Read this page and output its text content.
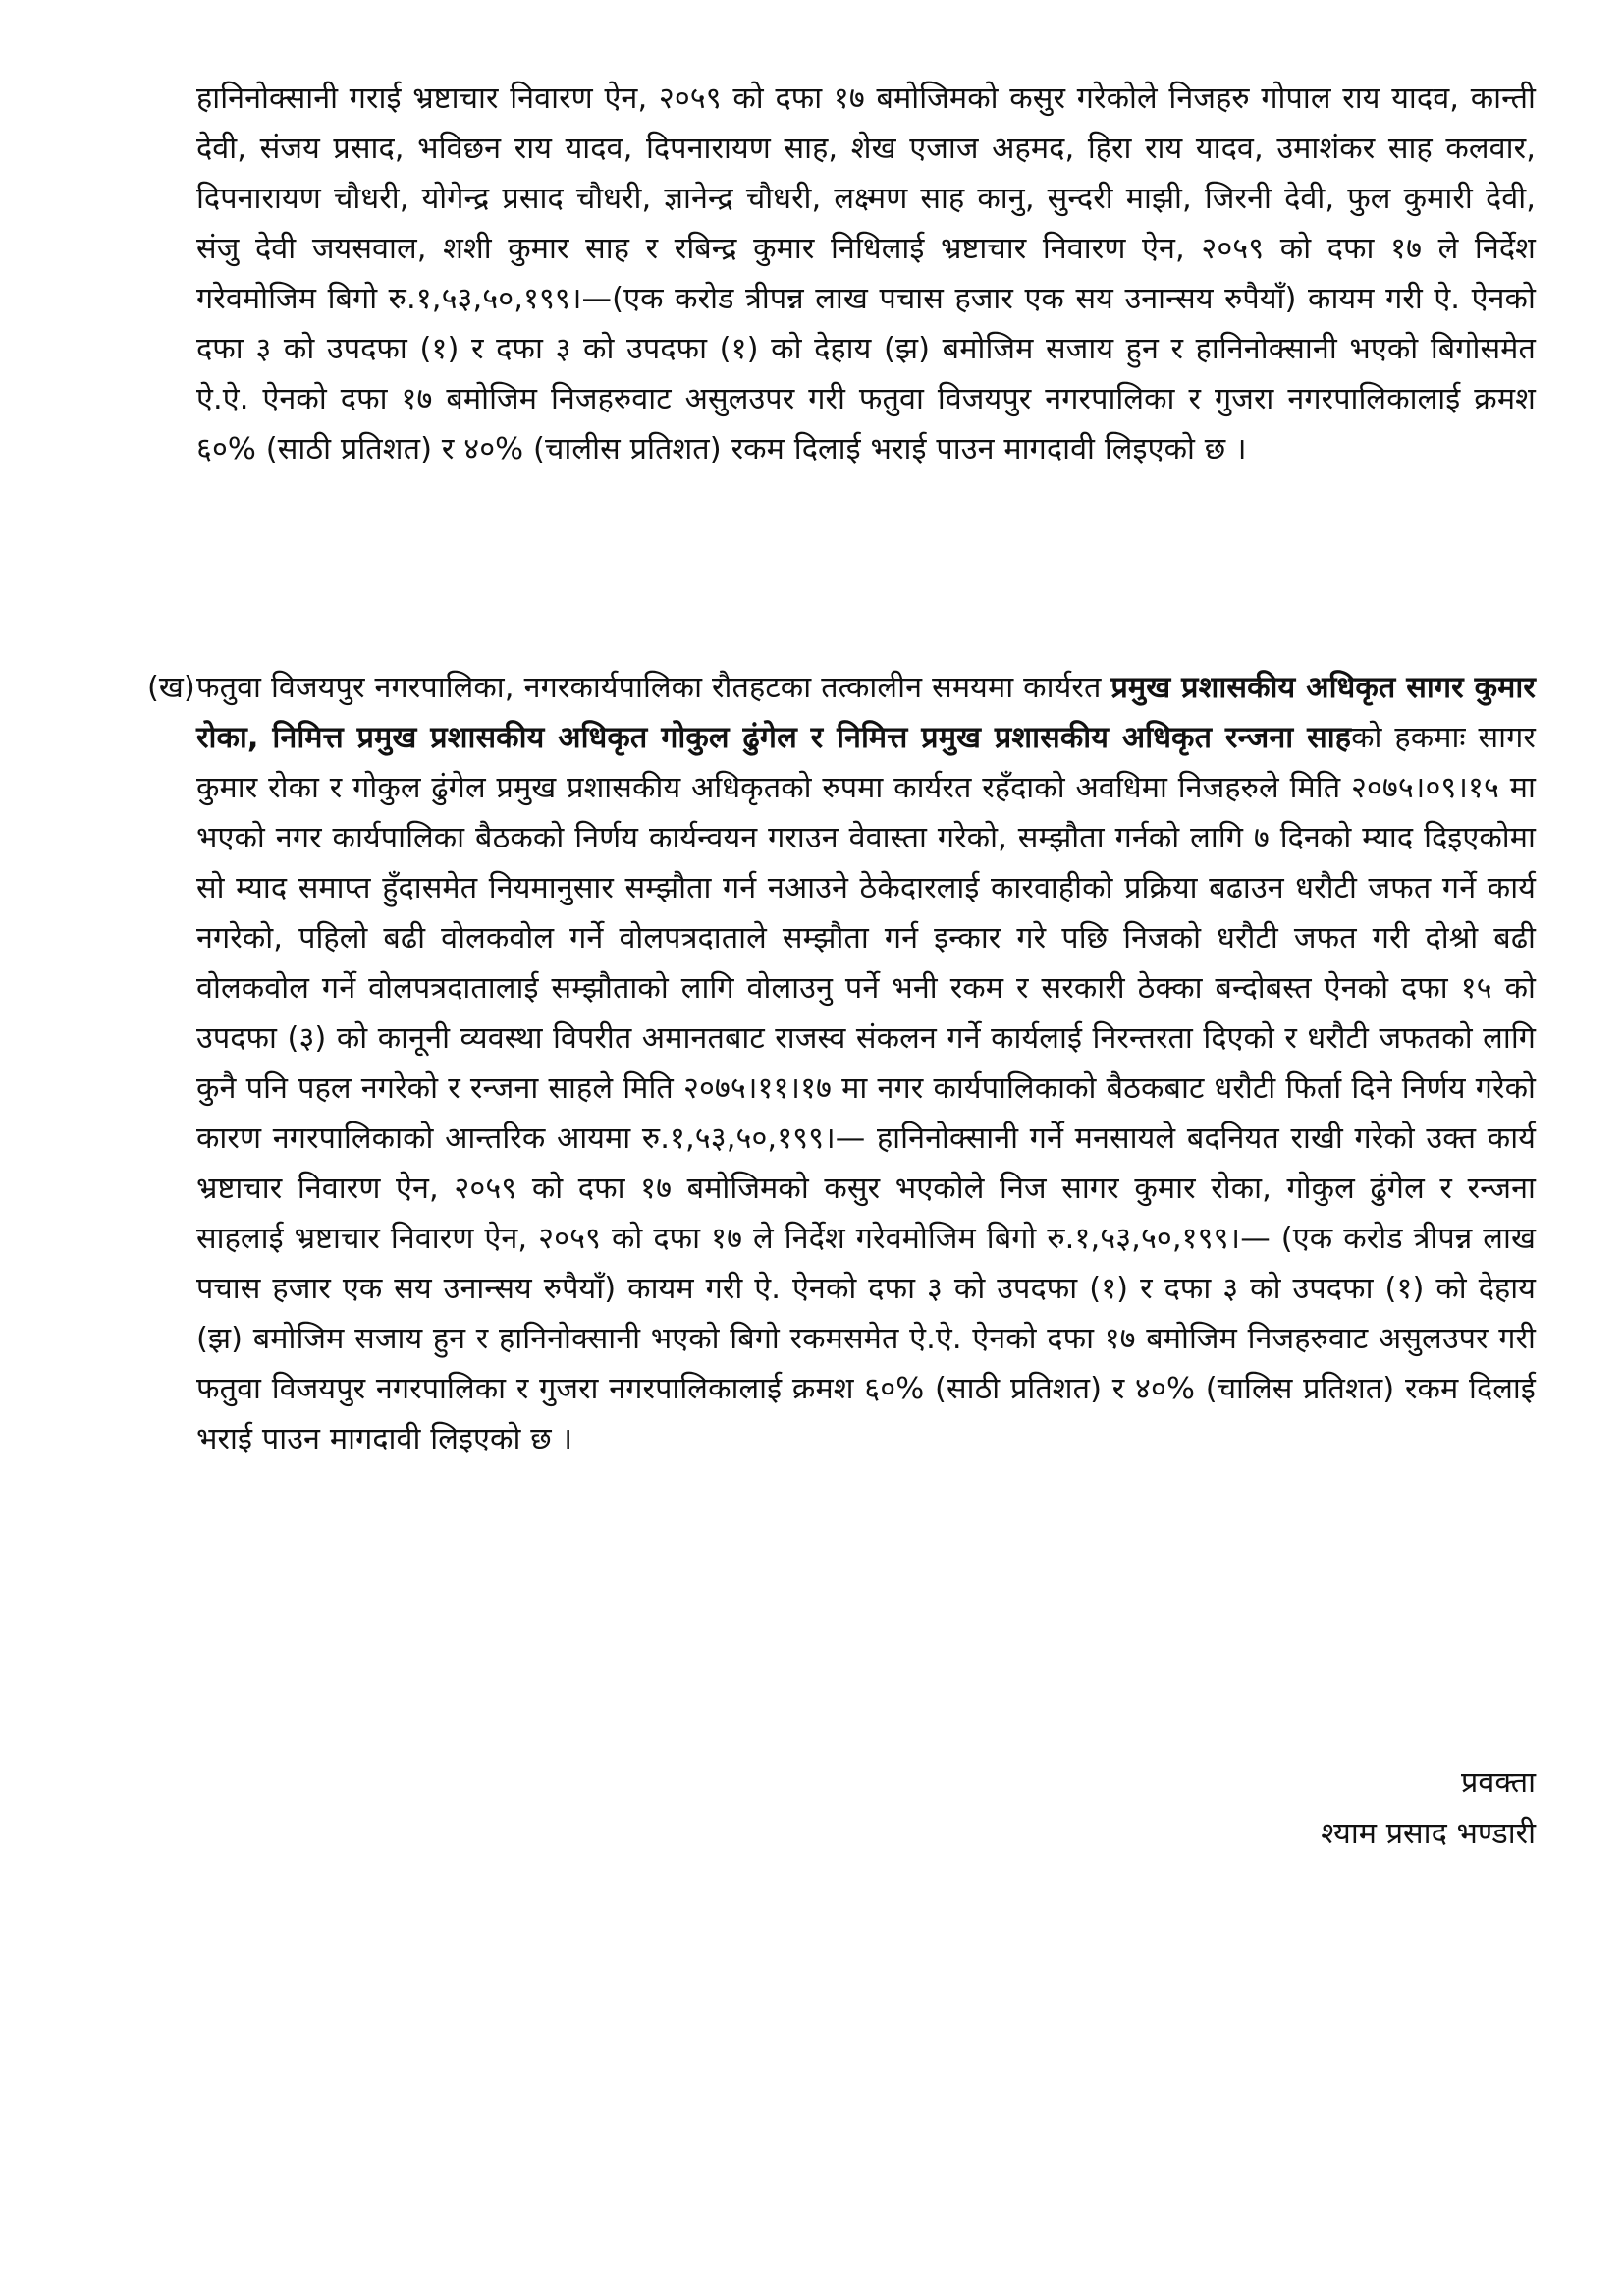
हानिनोक्सानी गराई भ्रष्टाचार निवारण ऐन, २०५९ को दफा १७ बमोजिमको कसुर गरेकोले निजहरु गोपाल राय यादव, कान्ती देवी, संजय प्रसाद, भविछन राय यादव, दिपनारायण साह, शेख एजाज अहमद, हिरा राय यादव, उमाशंकर साह कलवार, दिपनारायण चौधरी, योगेन्द्र प्रसाद चौधरी, ज्ञानेन्द्र चौधरी, लक्ष्मण साह कानु, सुन्दरी माझी, जिरनी देवी, फुल कुमारी देवी, संजु देवी जयसवाल, शशी कुमार साह र रबिन्द्र कुमार निधिलाई भ्रष्टाचार निवारण ऐन, २०५९ को दफा १७ ले निर्देश गरेवमोजिम बिगो रु.१,५३,५०,१९९।—(एक करोड त्रीपन्न लाख पचास हजार एक सय उनान्सय रुपैयाँ) कायम गरी ऐ. ऐनको दफा ३ को उपदफा (१) र दफा ३ को उपदफा (१) को देहाय (झ) बमोजिम सजाय हुन र हानिनोक्सानी भएको बिगोसमेत ऐ.ऐ. ऐनको दफा १७ बमोजिम निजहरुवाट असुलउपर गरी फतुवा विजयपुर नगरपालिका र गुजरा नगरपालिकालाई क्रमश ६०% (साठी प्रतिशत) र ४०% (चालीस प्रतिशत) रकम दिलाई भराई पाउन मागदावी लिइएको छ ।

(ख) फतुवा विजयपुर नगरपालिका, नगरकार्यपालिका रौतहटका तत्कालीन समयमा कार्यरत प्रमुख प्रशासकीय अधिकृत सागर कुमार रोका, निमित्त प्रमुख प्रशासकीय अधिकृत गोकुल ढुंगेल र निमित्त प्रमुख प्रशासकीय अधिकृत रन्जना साहको हकमाः सागर कुमार रोका र गोकुल ढुंगेल प्रमुख प्रशासकीय अधिकृतको रुपमा कार्यरत रहँदाको अवधिमा निजहरुले मिति २०७५।०९।१५ मा भएको नगर कार्यपालिका बैठकको निर्णय कार्यन्वयन गराउन वेवास्ता गरेको, सम्झौता गर्नको लागि ७ दिनको म्याद दिइएकोमा सो म्याद समाप्त हुँदासमेत नियमानुसार सम्झौता गर्न नआउने ठेकेदारलाई कारवाहीको प्रक्रिया बढाउन धरौटी जफत गर्ने कार्य नगरेको, पहिलो बढी वोलकवोल गर्ने वोलपत्रदाताले सम्झौता गर्न इन्कार गरे पछि निजको धरौटी जफत गरी दोश्रो बढी वोलकवोल गर्ने वोलपत्रदातालाई सम्झौताको लागि वोलाउनु पर्ने भनी रकम र सरकारी ठेक्का बन्दोबस्त ऐनको दफा १५ को उपदफा (३) को कानूनी व्यवस्था विपरीत अमानतबाट राजस्व संकलन गर्ने कार्यलाई निरन्तरता दिएको र धरौटी जफतको लागि कुनै पनि पहल नगरेको र रन्जना साहले मिति २०७५।११।१७ मा नगर कार्यपालिकाको बैठकबाट धरौटी फिर्ता दिने निर्णय गरेको कारण नगरपालिकाको आन्तरिक आयमा रु.१,५३,५०,१९९।— हानिनोक्सानी गर्ने मनसायले बदनियत राखी गरेको उक्त कार्य भ्रष्टाचार निवारण ऐन, २०५९ को दफा १७ बमोजिमको कसुर भएकोले निज सागर कुमार रोका, गोकुल ढुंगेल र रन्जना साहलाई भ्रष्टाचार निवारण ऐन, २०५९ को दफा १७ ले निर्देश गरेवमोजिम बिगो रु.१,५३,५०,१९९।— (एक करोड त्रीपन्न लाख पचास हजार एक सय उनान्सय रुपैयाँ) कायम गरी ऐ. ऐनको दफा ३ को उपदफा (१) र दफा ३ को उपदफा (१) को देहाय (झ) बमोजिम सजाय हुन र हानिनोक्सानी भएको बिगो रकमसमेत ऐ.ऐ. ऐनको दफा १७ बमोजिम निजहरुवाट असुलउपर गरी फतुवा विजयपुर नगरपालिका र गुजरा नगरपालिकालाई क्रमश ६०% (साठी प्रतिशत) र ४०% (चालिस प्रतिशत) रकम दिलाई भराई पाउन मागदावी लिइएको छ ।

प्रवक्ता
श्याम प्रसाद भण्डारी
